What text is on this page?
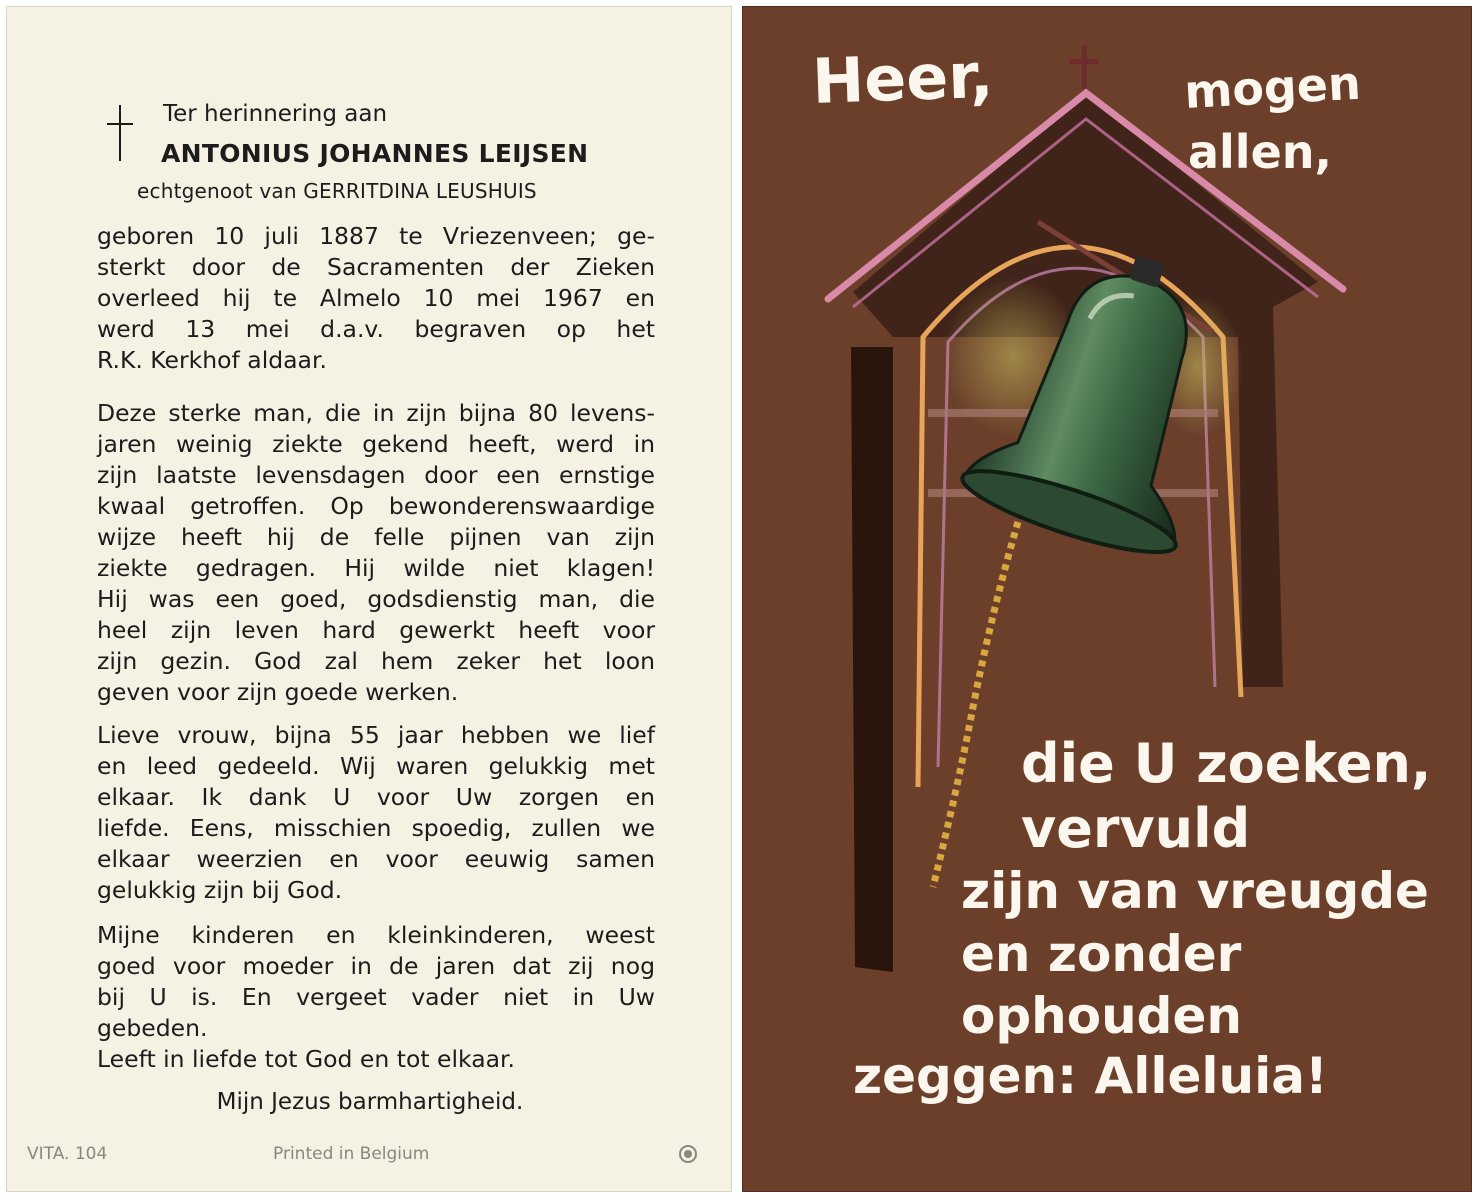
Ter herinnering aan
ANTONIUS JOHANNES LEIJSEN
echtgenoot van GERRITDINA LEUSHUIS
geboren 10 juli 1887 te Vriezenveen; ge-
sterkt door de Sacramenten der Zieken
overleed hij te Almelo 10 mei 1967 en
werd 13 mei d.a.v. begraven op het
R.K. Kerkhof aldaar.
Deze sterke man, die in zijn bijna 80 levens-
jaren weinig ziekte gekend heeft, werd in
zijn laatste levensdagen door een ernstige
kwaal getroffen. Op bewonderenswaardige
wijze heeft hij de felle pijnen van zijn
ziekte gedragen. Hij wilde niet klagen!
Hij was een goed, godsdienstig man, die
heel zijn leven hard gewerkt heeft voor
zijn gezin. God zal hem zeker het loon
geven voor zijn goede werken.
Lieve vrouw, bijna 55 jaar hebben we lief
en leed gedeeld. Wij waren gelukkig met
elkaar. Ik dank U voor Uw zorgen en
liefde. Eens, misschien spoedig, zullen we
elkaar weerzien en voor eeuwig samen
gelukkig zijn bij God.
Mijne kinderen en kleinkinderen, weest
goed voor moeder in de jaren dat zij nog
bij U is. En vergeet vader niet in Uw
gebeden.
Leeft in liefde tot God en tot elkaar.
Mijn Jezus barmhartigheid.
VITA. 104	Printed in Belgium
Heer,	mogen
allen,
die U zoeken,
vervuld
zijn van vreugde
en zonder
ophouden
zeggen: Alleluia!
